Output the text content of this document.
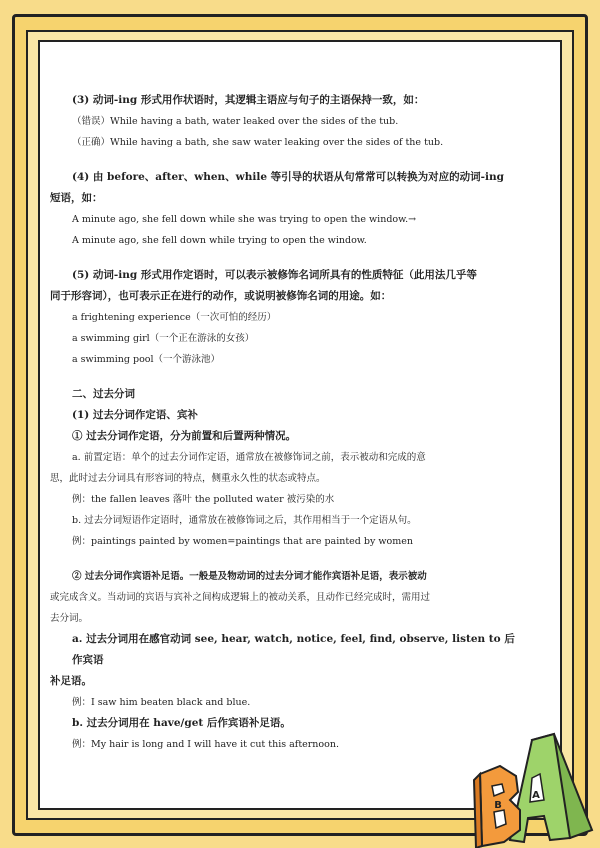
(3) 动词-ing 形式用作状语时，其逻辑主语应与句子的主语保持一致，如：
（错误）While having a bath, water leaked over the sides of the tub.
（正确）While having a bath, she saw water leaking over the sides of the tub.
(4) 由 before、after、when、while 等引导的状语从句常常可以转换为对应的动词-ing
短语，如：
A minute ago, she fell down while she was trying to open the window.→
A minute ago, she fell down while trying to open the window.
(5) 动词-ing 形式用作定语时，可以表示被修饰名词所具有的性质特征（此用法几乎等
同于形容词），也可表示正在进行的动作，或说明被修饰名词的用途。如：
a frightening experience（一次可怕的经历）
a swimming girl（一个正在游泳的女孩）
a swimming pool（一个游泳池）
二、过去分词
(1) 过去分词作定语、宾补
① 过去分词作定语，分为前置和后置两种情况。
a. 前置定语：单个的过去分词作定语，通常放在被修饰词之前，表示被动和完成的意
思，此时过去分词具有形容词的特点，侧重永久性的状态或特点。
例：the fallen leaves 落叶 the polluted water 被污染的水
b. 过去分词短语作定语时，通常放在被修饰词之后，其作用相当于一个定语从句。
例：paintings painted by women=paintings that are painted by women
② 过去分词作宾语补足语。一般是及物动词的过去分词才能作宾语补足语，表示被动
或完成含义。当动词的宾语与宾补之间构成逻辑上的被动关系，且动作已经完成时，需用过
去分词。
a. 过去分词用在感官动词 see, hear, watch, notice, feel, find, observe, listen to 后作宾语
补足语。
例：I saw him beaten black and blue.
b. 过去分词用在 have/get 后作宾语补足语。
例：My hair is long and I will have it cut this afternoon.
A
B
